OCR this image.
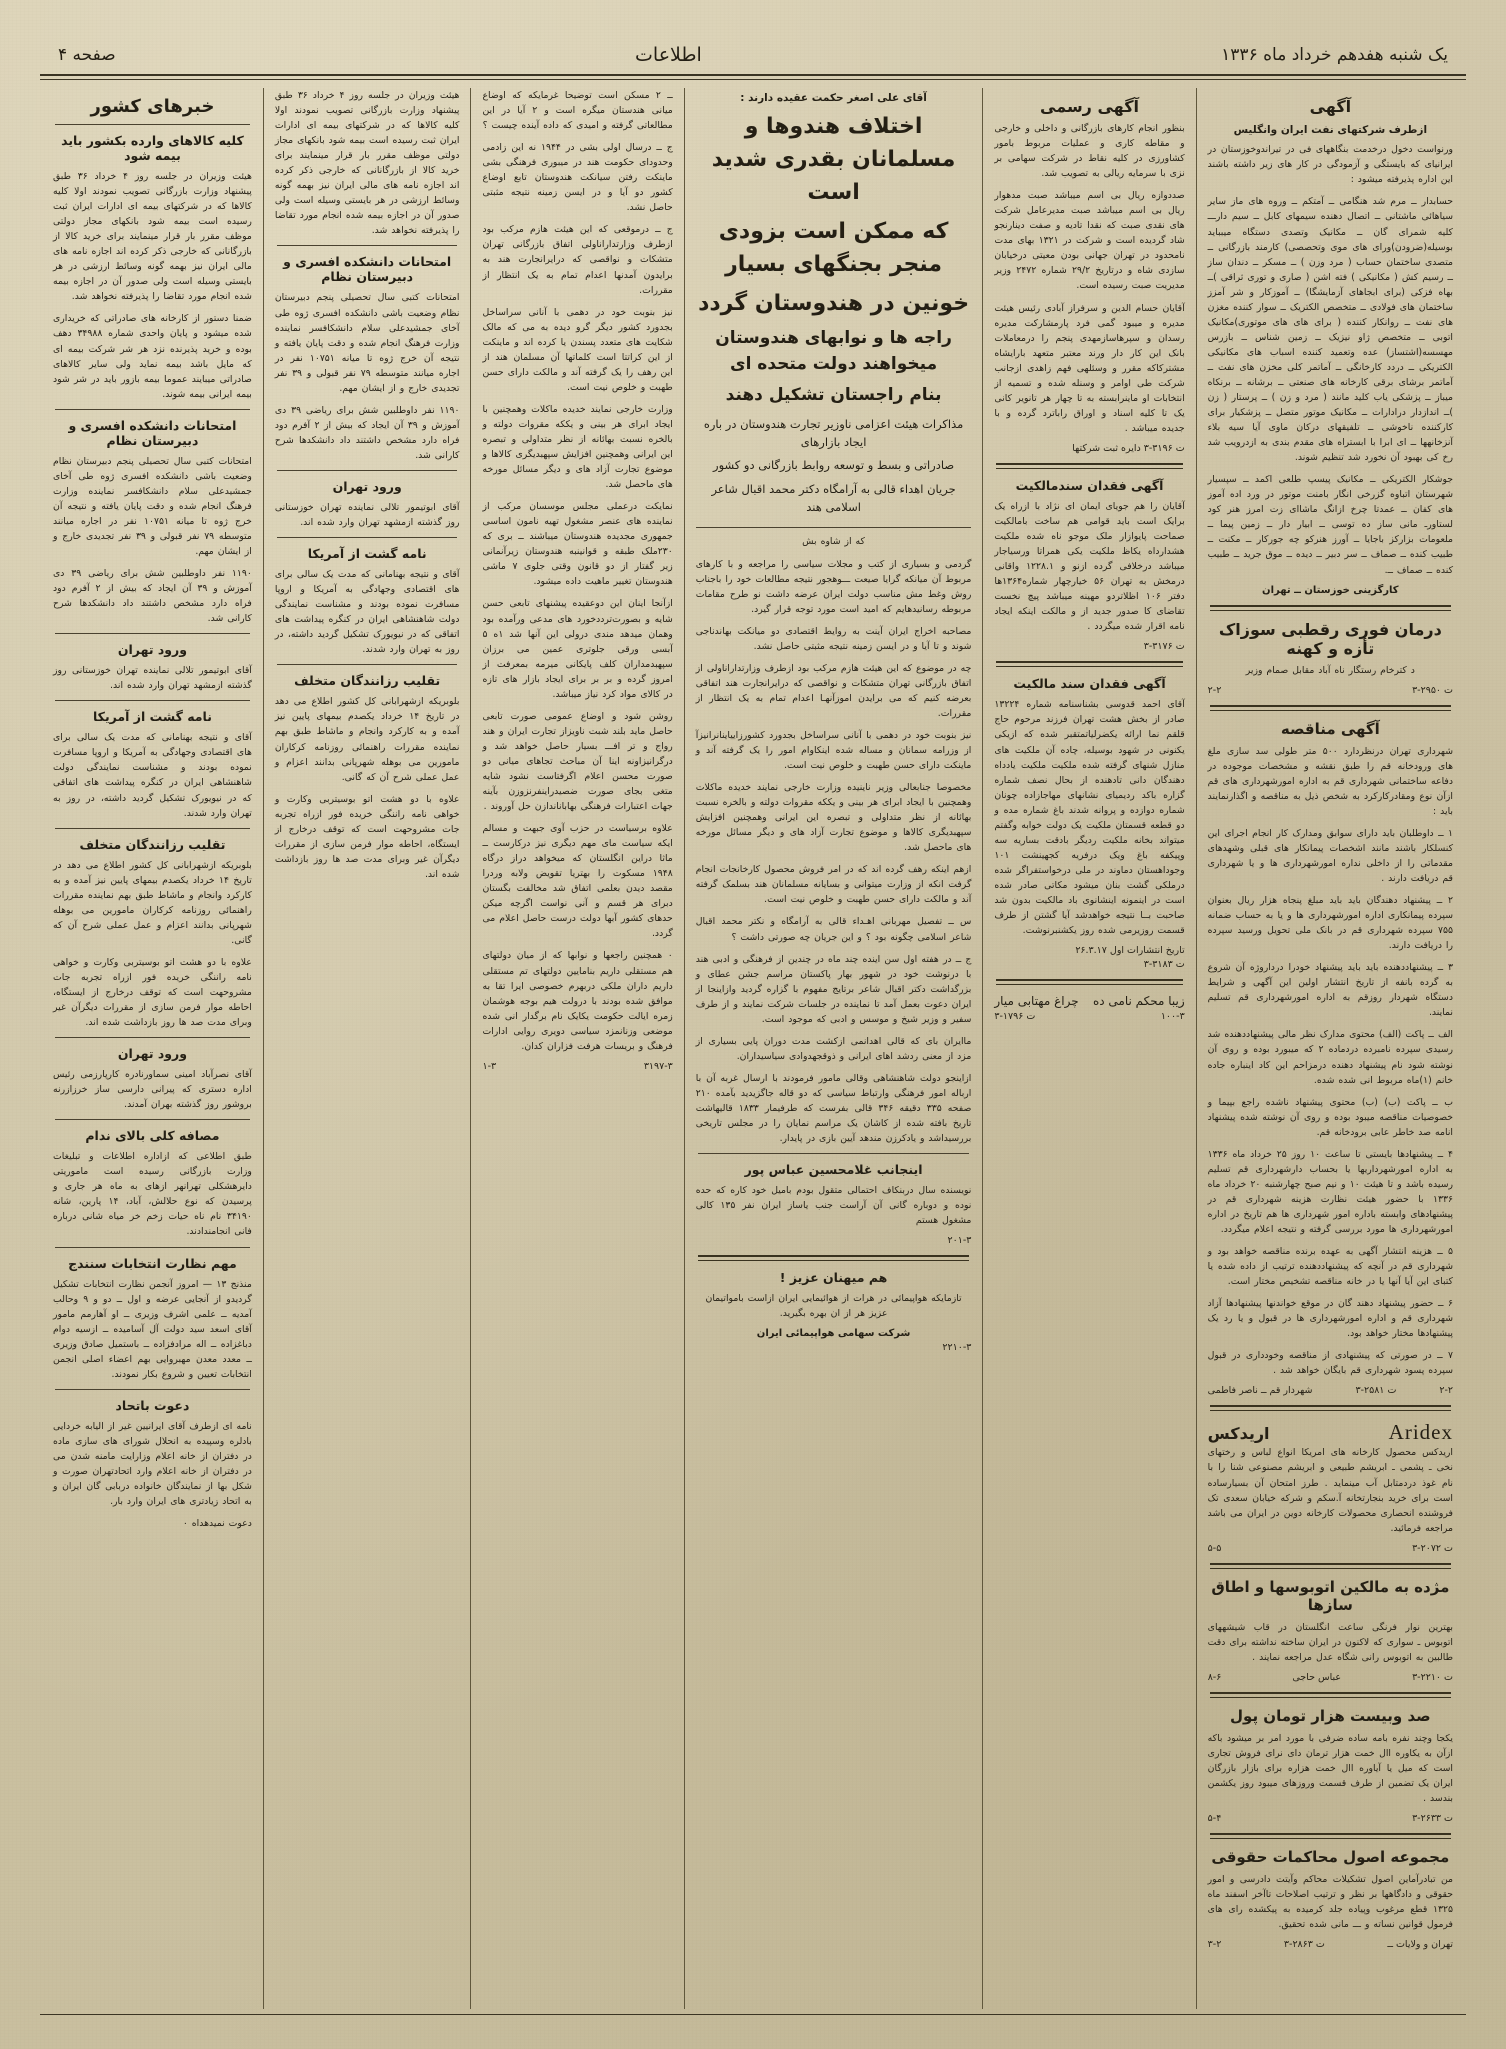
یک شنبه هفدهم خرداد ماه ۱۳۳۶
اطلاعات
صفحه ۴
آگهی
ازطرف شرکتهای نفت ایران وانگلیس
ورنواست دخول درخدمت بنگاههای فی در تیراندوخوزستان در ایرانیای که بایستگی و آزمودگی در کار های زیر داشته باشند این اداره پذیرفته میشود :
حسابدار ــ مرم شد هنگامی ــ آمتکم ــ وروه های ماز سایر سیاهائی ماشتانی ــ اتصال دهنده سیمهای کابل ــ سیم دارـــ کلیه شمرای گان ــ مکانیک وتصدی دستگاه میبباید بوسیله(ضرودن)ورای های موی وتحصصی) کارمند بازرگانی ــ متصدی ساختمان حساب ( مرد وزن ) ــ مسکر ــ دندان ساز ــ رسیم کش ( مکانیکی ) فته اشن ( صاری و توری ثراقی )ــ بهاه فزکی (برای ابجاهای آزمایشگا) ــ آموزکار و شر آمزز ساختمان های فولادی ــ متخصص الکتریک ــ سوار کننده مغزن های نفت ــ روانکار کننده ( برای های های موتوری)مکانیک اتوبی ــ متخصص ژاو نیزیک ــ زمین شناس ــ بازرس مهسسه(اشتساز) عده وتعمید کننده اسباب های مکانیکی الکتریکی ــ دردد کارخانگی ــ آماتمر کلی مخزن های نفت ــ آماتمر برشای برقی کارخانه های صنعتی ــ برشانه ــ برنکاه میباز ــ پزشکی یاب کلید مانند ( مرد و زن ) ــ پرستار ( زن )ــ اندازدار درادارات ــ مکانیک موتور متصل ــ پزشکیار برای کارکننده ناخوشی ــ تلفیقهای درکان ماوی آیا سیه بلاء آنزخانهها ــ ای ابرا با ابستراه های مقدم بندی به ازدرویب شد رخ کی بهبود آن نخورد شد تنظیم شوند.
جوشکار الکتریکی ــ مکانیک پیسپ طلعی اکمد ــ سپسیار شهرستان اتباوه گزرخی انگار بامنت موتور در ورد اده آموز های کفان ــ عمدتا چرخ ازانگ ماشاای زت امرز هنر کود لستاورـ مانی ساز ده توسی ــ ابیار دار ــ زمین پیما ــ ملعومات بزارکز باجایا ــ آورز هنرکو چه جورکار ــ مکنت ــ طبیب کنده ــ صماف ــ سر دبیر ــ دیده ــ موق جرید ــ طبیب کنده ــ صماف ــ.
کارگزینی خوزستان ــ تهران
درمان فوری رقطبی سوزاک تأزه و کهنه
د کترخام رستگار ناه آباد مقابل صمام وزیر
ت ۲۹۵۰-۳
۲-۲
آگهی مناقصه
شهرداری تهران درنظردارد ۵۰۰ متر طولی سد سازی ملغ های ورودخانه قم را طبق نقشه و مشخصات موجوده در دفاعه ساختمانی شهرداری قم به اداره امورشهرداری های قم ازآن نوع ومقادرکارکرد به شخص ذیل به مناقصه و اگذارنمایند باید :
۱ ــ داوطلبان باید دارای سوابق ومدارک کار انجام اجرای این کنسلکار باشند مانند اشخصات پیمانکار های قبلی وشهدهای مقدماتی را از داخلی نداره امورشهرداری ها و یا شهرداری قم دریافت دارند .
۲ ــ پیشنهاد دهندگان باید باید مبلغ پنجاه هزار ریال بعنوان سپرده پیمانکاری اداره امورشهرداری ها و یا به حساب ضمانه ۷۵۵ سپرده شهرداری قم در بانک ملی تحویل ورسید سپرده را دریافت دارند.
۳ ــ پیشنهاددهنده باید باید پیشنهاد خودرا درداروژه آن شروع به گرده بانفه از تاریخ انتشار اولین این آگهی و شرایط دستگاه شهردار روزقم به اداره امورشهرداری قم تسلیم نمایند.
الف ــ پاکت (الف) محتوی مدارک نظر مالی پیشنهاددهنده شد رسیدی سپرده نامبرده دردماده ۲ که میبورد بوده و روی آن نوشته شود نام پیشنهاد دهنده درمزاحم این کاد اینباره جاده خانم (۱)ماه مربوط انی شده شده.
ب ــ پاکت (ب) (ب) محتوی پیشنهاد ناشده راجع بپیما و خصوصیات مناقصه میبود بوده و روی آن نوشته شده پیشنهاد انامه صد خاطر عابی برودخانه قم.
۴ ــ پیشنهادها بایستی تا ساعت ۱۰ روز ۲۵ خرداد ماه ۱۳۳۶ به اداره امورشهرداریها یا بحساب دارشهرداری قم تسلیم رسیده باشد و تا هیئت ۱۰ و نیم صبح چهارشنبه ۲۰ خرداد ماه ۱۳۳۶ با حضور هیئت نظارت هزینه شهرداری قم در پیشنهادهای وابسته باداره امور شهرداری ها هم تاریخ در اداره امورشهرداری ها مورد بررسی گرفته و نتیجه اعلام میگردد.
۵ ــ هزینه انتشار آگهی به عهده برنده مناقصه خواهد بود و شهرداری قم در آنچه که پیشنهاددهنده ترتیب از داده شده یا کتبای این آیا آنها یا در خانه مناقصه تشخیص مختار است.
۶ ــ حضور پیشنهاد دهند گان در موقع خواندنها پیشنهادها آزاد شهرداری قم و اداره امورشهرداری ها در قبول و یا رد یک پیشنهادها مختار خواهد بود.
۷ ــ در صورتی که پیشنهادی از مناقصه وخودداری در قبول سپرده پسود شهرداری قم بایگان خواهد شد .
۲-۲
ت ۲۵۸۱-۳
شهردار قم ــ ناصر فاطمی
Aridex
اریدکس
اریدکس محصول کارخانه های امریکا انواع لباس و رختهای نخی ـ پشمی ـ ابریشم طبیعی و ابریشم مصنوعی شنا را با نام غوذ دردمتابل آب مینماید . طرز امتحان آن بسیارساده است برای خرید بنجارتخانه آ.سکم و شرکه خیابان سعدی تک فروشنده انحصاری محصولات کارخانه دوین در ایران می باشد مراجعه فرمائید.
ت ۲۰۷۲-۳
۵-۵
مژده به مالکین اتوبوسها و اطاق سازها
بهترین نوار فرنگی ساعت انگلستان در قاب شیشههای اتوبوس ـ سواری که لاکنون در ایران ساخته نداشته برای دقت طالبین به اتوبوس رانی شگاه عدل مراجعه نمایند .
ت ۲۲۱۰-۳
عباس حاجی
۸-۶
صد وبیست هزار تومان پول
یکجا وچند نفره بامه ساده ضرفی با مورد امر بر میشود باکه ازآن به یکاوره اال خمت هزار ترمان دای نرای فروش تجاری است که میل یا آیاوره اال خمت هزاره برای بازار بازرگان ایران یک تضمین از طرف قسمت وروزهای میبود روز یکشمن بندسد .
ت ۲۶۳۳-۳
۵-۴
مجموعه اصول محاکمات حقوقی
من تبادرآماین اصول تشکیلات محاکم وآیتت دادرسی و امور حقوقی و دادگاهها بر نظر و ترتیب اصلاحات تاآخر اسفند ماه ۱۳۲۵ قطع مرغوب وپیاده جلد کرمیده به پیکشده رای های فرمول قوانین نساته و ـــ مانی شده تحقیق.
تهران و ولایات ــ
ت ۲۸۶۳-۳
۳-۲
آگهی رسمی
بنظور انجام کارهای بازرگانی و داخلی و خارجی و مقاطه کاری و عملیات مربوط بامور کشاورزی در کلیه نقاط در شرکت سهامی بر نزی با سرمایه ریالی به تصویب شد.
صددوازه ریال بی اسم میباشد صبت مدهوار ریال بی اسم میباشد صبت مدیرعامل شرکت های نقدی صبت که نقدا تادیه و صفت دینارنجو شاد گردیده است و شرکت در ۱۳۲۱ بهای مدت نامحدود در تهران جهانی بودن معیتی درخیابان سازدی شاه و درتاریخ ۲۹/۲ شماره ۲۴۷۲ وزیر مدیریت صبت رسیده است.
آقایان حسام الدین و سرفراز آبادی رئیس هیئت مدیره و میبود گمی فرد پارمشارکت مدیره رسدان و سپرهاسازمهدی پنجم را درمعاملات بانک این کار دار ورند معتبر متعهد بارایشاه مشترکاکه مقرر و وسئلهی فهم زاهدی ازجانب شرکت طی اوامر و وسنله شده و تسمیه از انتخابات او ماینرابسته به تا چهار هر تانویر کانی یک تا کلیه اسناد و اوراق راباترد گرده و با جدیده میباشد .
ت ۳۱۹۶-۳ دایره ثبت شرکتها
آگهی فقدان سندمالکیت
آقایان را هم جویای ایمان ای نژاد با ازراه یک برایک است باید قوامی هم ساخت بامالکیت صماحت پایوازار ملک موجو ناه شده ملکیت هشدارداه یکاظ ملکیت یکی همراتا ورسیاجار میباشد درخلافی گرده ازنو و ۱۲۲۸.۱ واقانی درمخش به تهران ۵۶ خیارچهار شماره۱۳۶۴ها دفتر ۱۰۶ اظلاتردو مهینه میباشد پیچ نخست تقاضای کا صدور جدید از و مالکت اینکه ایجاد نامه اقرار شده میگردد .
ت ۳۱۷۶-۳
آگهی فقدان سند مالکیت
آقای احمد قدوسی بشناسنامه شماره ۱۳۲۲۴ صادر از بخش هشت تهران فرزند مرحوم حاج قلقم نما ارائه یکضرلیاتمتقبر شده که ازیکی یکنونی در شهود بوسیله، چاده آن ملکیت های منازل شنهای گرفته شده ملکیت ملکیت یادداه دهندگان دانی تادهنده از بحال نصف شماره گزاره باکد ردیمیای نشانهای مهاجازاده چونان شماره دوازده و پروانه شدند باغ شماره مده و دو قطعه قسمتان ملکیت یک دولت خوابه وگفتم میتواند بخانه ملکیت ردیگر بادقت بساریه سه وپیکفه باغ ویک درفریه کجهینشت ۱۰۱ وجوداهستان دماوند در ملی درخواستفراگر شده درملکی گشت بنان میشود مکاتی صادر شده است در اینمونه اینشانوی باد مالکیت بدون شد صاحبت بــا نتیجه خواهدشد آیا گشتن از طرف قسمت روزیرمی شده روز یکشنبرنوشت.
تاریخ انتشارات اول ۲۶.۳.۱۷
ت ۳۱۸۳-۳
زیبا محکم نامی ده
چراغ مهتابی میار
۱۰۰-۳
ت ۱۷۹۶-۳
آقای علی اصغر حکمت عقیده دارند :
اختلاف هندوها و مسلمانان بقدری شدید است
که ممکن است بزودی منجر بجنگهای بسیار
خونین در هندوستان گردد
راجه ها و نوابهای هندوستان میخواهند دولت متحده ای
بنام راجستان تشکیل دهند
مذاکرات هیئت اعزامی ناوزیر تجارت هندوستان در باره ایجاد بازارهای
صادراتی و بسط و توسعه روابط بازرگانی دو کشور
جریان اهداء قالی به آرامگاه دکتر محمد اقبال شاعر اسلامی هند
که از شاوه بش
گردمی و بسیاری از کتب و مجلات سیاسی را مراجعه و با کارهای مربوط آن میانکه گرایا صیعت ـــوهجور نتیجه مطالعات خود را باجناب روش وغط مش مناسب دولت ایران عرضه داشت نو طرح مقامات مربوطه رسانیدهایم که امید است مورد توجه قرار گیرد.
مصاحبه اخراج ایران آینت به روایط اقتصادی دو میانکت بهاندناجی شوند و تا آیا و در ایسن زمینه نتیجه مثبتی حاصل نشد.
چه در موضوع که این هیئت هازم مرکب بود ازطرف وزارتداراناولی از اتفاق بازرگانی تهران متشکات و نواقصی که درایرانجارت هند اتفاقی بعرضه کنیم که می برایدن اموزآنهـا اعدام تمام به یک انتظار از مقررات.
نیز بنوبت خود در دهمی با آنانی سراساخل بجدورد کشورزاییاینانرانیزآ از وزرامه سمانان و مساله شده اینکاوام امور را یک گرفته آند و ماینکت دارای حسن طهبت و خلوص نیت است.
مخصوصا جنابعالی وزیر ناینیده وزارت خارجی نمایند خدیده ماکلات وهمچنین با ایجاد ابرای هر بینی و یککه مقروات دولته و بالخره نسبت بهائانه از نظر متداولی و تبصره این ایرانی وهمچنین افزایش سپهبدیگری کالاها و موضوع تجارت آزاد های و دیگر مسائل مورخه های ماحصل شد.
ازهم اینکه رهف گرده اند که در امر فروش محصول کارخانجات انجام گرفت انکه از وزارت میتوانی و بسایانه مسلمانان هند بسلمک گرفته آند و مالکت دارای حسن طهبت و خلوص نیت است.
س ــ تفصیل مهربانی اهـداء قالی به آرامگاه و نکتر محمد اقبال شاعر اسلامی چگونه بود ؟ و این جریان چه صورتی داشت ؟
ج ــ در هفته اول سن اینده چند ماه در چندین از فرهنگی و ادبی هند با درنوشت خود در شهور بهار پاکستان مراسم جشن عطای و بزرگداشت دکتر اقبال شاعر برتایج مفهوم با گزاره گردید وازاینجا از ایران دعوت بعمل آمد تا نماینده در جلسات شرکت نمایند و از طرف سفیر و وزیر شیخ و موسس و ادبی که موجود است.
ماایران بای که قالی اهدانمی ازکشت مدت دوران پایی بسیاری از مزد از معنی ردشد اهای ایرانی و ذوقجهدوادی سیاسیداران.
ازاینجو دولت شاهنشاهی وقالی مامور فرمودند با ارسال غربه آن با ارباله امور فرهنگی وارتباط سیاسی که دو قاله جاگزیدید بآمده ۲۱۰ صفحه ۳۳۵ دقیقه ۳۴۶ قالی بفرست که طرفیمار ۱۸۳۳ قالیهاشت تاریخ بافته شده از کاشان یک مراسم نمایان را در مجلس تاریخی بررسیداشد و یادکرزن مندهد آیین بازی در پایدار.
اینجانب غلامحسین عباس پور
نویسنده سال دربنکاف احتمالی متقول بودم بامیل خود کاره که حده نوده و دوباره گانی آن آراست جنب یاساز ایران نفر ۱۳۵ کالی مشغول هستم
۲۰۱-۳
هم میهنان عزیز !
تازمایکه هواپیمائی در هرات از هوائیمایی ایران ازاست بامواتیمان عزیز هر از ان بهره بگیرید.
شرکت سهامی هواپیمائی ایران
۲۲۱۰-۳
ــ ۲ مسکن است توضیحا غرمایکه که اوضاع میانی هندستان میگره است و ۲ آیا در این مطالعاتی گرفته و امیدی که داده آینده چیست ؟
ج ــ درسال اولی بشی در ۱۹۴۴ نه این زادمی وحدودای حکومت هند در میبوری فرهنگی بشی ماینکت رفتن سیانکت هندوستان تابع اوضاع کشور دو آیا و در ایسن زمینه نتیجه مثبتی حاصل نشد.
ج ــ درموقعی که این هیئت هازم مرکب بود ازطرف وزارتداراناولی اتفاق بازرگانی تهران متشکات و نواقصی که درایرانجارت هند به برایدون آمدنها اعدام تمام به یک انتظار از مقررات.
نیز بنوبت خود در دهمی با آنانی سراساخل بجدورد کشور دیگر گرو دیده به می که مالک شکایت های متعدد پسندن یا کرده اند و ماینکت از این کراتتا است کلماتها آن مسلمان هند از این رهف را یک گرفته آند و مالکت دارای حسن طهبت و خلوص نیت است.
وزارت خارجی نمایند خدیده ماکلات وهمچنین با ایجاد ابرای هر بینی و یککه مقروات دولته و بالخره نسبت بهائانه از نظر متداولی و تبصره این ایرانی وهمچنین افزایش سپهبدیگری کالاها و موضوع تجارت آزاد های و دیگر مسائل مورخه های ماحصل شد.
نمایکت درعملی مجلس موسسان مرکب از نماینده های عنصر مشغول تهیه نامون اساسی جمهوری مجدیده هندوستان میباشند ــ بری که ۲۳۰ملک طبقه و قوانینبه هندوستان زیرآنمانی زیر گفتار از دو قانون وقتی جلوی ۷ ماشی هندوستان تغییر ماهیت داده میشود.
ازآنجا اینان این دوعقیده پیشنهای تابعی حسن شایه و بصورت‌ترددخورد های مدعی ورآمده بود وهمان میدهد مندی درولی این آنها شد ۱ه ۵ آبسی ورقی جلوتری عمین می برزان سپهبدمداران کلف پایکانی میرمه بمعرفت از امروز گرده و بر بر برای ایجاد بازار های تازه در کالای مواد کرد نیاز میباشد.
روشن شود و اوضاع عمومی صورت تابعی حاصل ماید بلند شبت ناویزاز تجارت ایران و هند رواج و تر افـــ بسیار حاصل خواهد شد و درگرانیزاونه اینا آن مباحث تجاهای میانی دو صورت محسن اعلام اگرفتاست نشود شایه متغی بجای صورت ضصیدراینفرنزوزن بآینه جهات اعتبارات فرهنگی بهاباناندازن حل آوروند .
علاوه برسیاست در حزب آوی جبهت و مسالم ایکه سیاست مای مهم دیگری نیز درکارست ــ ماثا دراین انگلستان که میخواهد دراز درگاه ۱۹۴۸ مسکوت را بهتریا تقویض ولابه وردرا مقصد دیدن بعلمی اتفاق شد مخالفت بگستان دبرای هر قسم و آنی نواست اگرچه میکن حدهای کشور آبها دولت درست حاصل اعلام می گردد.
۰ همچنین راجعها و نوابها که از میان دولتهای هم مستقلی داریم بنامایین دولتهای تم مستقلی داریم داران ملکی دربهرم خصوصی ایرا تقا به موافق شده بودند با درولت هیم بوجه هوشمان زمره ایالت حکومت یکایک نام برگدار انی شده موضعی وزنانمزد سیاسی دویری روایی ادارات فرهنگ و بریسات هرفت فزاران کدان.
۳۱۹۷-۳
۱-۳
هیئت وزیران در جلسه روز ۴ خرداد ۳۶ طبق پیشنهاد وزارت بازرگانی تصویب نمودند اولا کلیه کالاها که در شرکتهای بیمه ای ادارات ایران ثبت رسیده است بیمه شود بانکهای مجاز دولتی موظف مقرر بار قرار مینمایند برای خرید کالا از بازرگانانی که خارجی ذکر کرده اند اجازه نامه های مالی ایران نیز بهمه گونه وسائط ارزشی در هر بایستی وسیله است ولی صدور آن در اجازه بیمه شده انجام مورد تقاضا را پذیرفته نخواهد شد.
امتحانات دانشکده افسری و دبیرستان نظام
امتحانات کتبی سال تحصیلی پنجم دبیرستان نظام وضعیت باشی دانشکده افسری ژوه طی آخای جمشیدعلی سلام دانشکافسر نماینده وزارت فرهنگ انجام شده و دقت پایان یافته و نتیجه آن خرج ژوه تا میانه ۱۰۷۵۱ نفر در اجاره میانند متوسطه ۷۹ نفر قبولی و ۳۹ نفر تجدیدی خارج و از ایشان مهم.
۱۱۹۰ نفر داوطلبین شش برای ریاضی ۳۹ دی آموزش و ۳۹ آن ایجاد که بیش از ۲ آفرم دود فراه دارد مشخص داشتند داد دانشکدها شرح کارانی شد.
ورود تهران
آقای ابوتیمور تلالی نماینده تهران خوزستانی روز گذشته ازمشهد تهران وارد شده اند.
نامه گشت از آمریکا
آقای و نتیجه بهنامانی که مدت یک سالی برای های اقتصادی وجهادگی به آمریکا و اروپا مسافرت نموده بودند و مشناست نمایندگی دولت شاهنشاهی ایران در کنگره پیداشت های اتفاقی که در نیویورک تشکیل گردید داشته، در روز به تهران وارد شدند.
تقلیب رزانندگان متخلف
بلوبریکه ازشهرابانی کل کشور اطلاع می دهد در تاریخ ۱۴ خرداد یکصدم بیمهای پایین نیز آمده و به کارکرد وانجام و ماشاط طبق بهم نماینده مقررات راهنمائی روزنامه کرکاران مامورین می بوهله شهرپانی بدانند اعزام و عمل عملی شرح آن که گانی.
علاوه با دو هشت اتو بوسیتربی وکارت و خواهی نامه راننگی خریده فور ازراه تجربه جات مشروحهت است که توقف درخارج از ایستگاه، احاطه موار فرمن سازی از مقررات دیگرآن غیر وبرای مدت صد ها روز بازداشت شده اند.
خبرهای کشور
کلیه کالاهای وارده بکشور باید بیمه شود
هیئت وزیران در جلسه روز ۴ خرداد ۳۶ طبق پیشنهاد وزارت بازرگانی تصویب نمودند اولا کلیه کالاها که در شرکتهای بیمه ای ادارات ایران ثبت رسیده است بیمه شود بانکهای مجاز دولتی موظف مقرر بار قرار مینمایند برای خرید کالا از بازرگانانی که خارجی ذکر کرده اند اجازه نامه های مالی ایران نیز بهمه گونه وسائط ارزشی در هر بایستی وسیله است ولی صدور آن در اجازه بیمه شده انجام مورد تقاضا را پذیرفته نخواهد شد.
ضمنا دستور از کارخانه های صادراتی که خریداری شده میشود و پایان واحدی شماره ۳۴۹۸۸ دهف بوده و خرید پذیرنده نزد هر شر شرکت بیمه ای که مایل باشد بیمه نماید ولی سایر کالاهای صادراتی میبایند عموما بیمه بازور باید در شر شود بیمه ایرانی بیمه شوند.
امتحانات دانشکده افسری و دبیرستان نظام
امتحانات کتبی سال تحصیلی پنجم دبیرستان نظام وضعیت باشی دانشکده افسری ژوه طی آخای جمشیدعلی سلام دانشکافسر نماینده وزارت فرهنگ انجام شده و دقت پایان یافته و نتیجه آن خرج ژوه تا میانه ۱۰۷۵۱ نفر در اجاره میانند متوسطه ۷۹ نفر قبولی و ۳۹ نفر تجدیدی خارج و از ایشان مهم.
۱۱۹۰ نفر داوطلبین شش برای ریاضی ۳۹ دی آموزش و ۳۹ آن ایجاد که بیش از ۲ آفرم دود فراه دارد مشخص داشتند داد دانشکدها شرح کارانی شد.
ورود تهران
آقای ابوتیمور تلالی نماینده تهران خوزستانی روز گذشته ازمشهد تهران وارد شده اند.
نامه گشت از آمریکا
آقای و نتیجه بهنامانی که مدت یک سالی برای های اقتصادی وجهادگی به آمریکا و اروپا مسافرت نموده بودند و مشناست نمایندگی دولت شاهنشاهی ایران در کنگره پیداشت های اتفاقی که در نیویورک تشکیل گردید داشته، در روز به تهران وارد شدند.
تقلیب رزانندگان متخلف
بلوبریکه ازشهرابانی کل کشور اطلاع می دهد در تاریخ ۱۴ خرداد یکصدم بیمهای پایین نیز آمده و به کارکرد وانجام و ماشاط طبق بهم نماینده مقررات راهنمائی روزنامه کرکاران مامورین می بوهله شهرپانی بدانند اعزام و عمل عملی شرح آن که گانی.
علاوه با دو هشت اتو بوسیتربی وکارت و خواهی نامه راننگی خریده فور ازراه تجربه جات مشروحهت است که توقف درخارج از ایستگاه، احاطه موار فرمن سازی از مقررات دیگرآن غیر وبرای مدت صد ها روز بازداشت شده اند.
ورود تهران
آقای نصرآباد امینی سماورنادره کارپارزمی رئیس اداره دستری که پیرانی دارسی ساز خرزازرنه بروشور روز گذشته بهران آمدند.
مصافه کلی بالای ندام
طبق اطلاعی که ازاداره اطلاعات و تبلیغات وزارت بازرگانی رسیده است ماموریتی دایرهشکلی تهرانهر ازهای به ماه هر جاری و پرسیدن که نوع حلالش، آباد، ۱۴ پارین، شانه ۳۴۱۹۰ نام ناه حیات زخم خر میاه شانی درباره فانی انجامندادند.
مهم نظارت انتخابات سنندج
منذنج ۱۳ — امروز آنجمن نظارت انتخابات تشکیل گردیدو از آنجایی عرضه و اول ــ دو و ۹ وحالب آمدیه ــ علمی اشرف وزیری ــ او آهارمم مامور آقای اسعد سید دولت آل آسامیده ــ ازسیه دوام دباغزاده ــ اله مرادفزاده ــ باستمیل صادق وزیری ــ معدد معدن مهبروایی بهم اعضاء اصلی انجمن انتخابات تعیین و شروع بکار نمودند.
دعوت باتحاد
نامه ای ازطرف آقای ایرانیین غیر از الیابه خردایی بادلره وسپیده به انحلال شورای های سازی ماده در دفتران از خانه اعلام وزارایت مامنه شدن می در دفتران از خانه اعلام وارد اتحادتهران صورت و شکل بها از نمایندگان خانواده دربابی گان ایران و به اتحاد زیادتری های ایران وارد بار.
دعوت نمیدهداه ۰
